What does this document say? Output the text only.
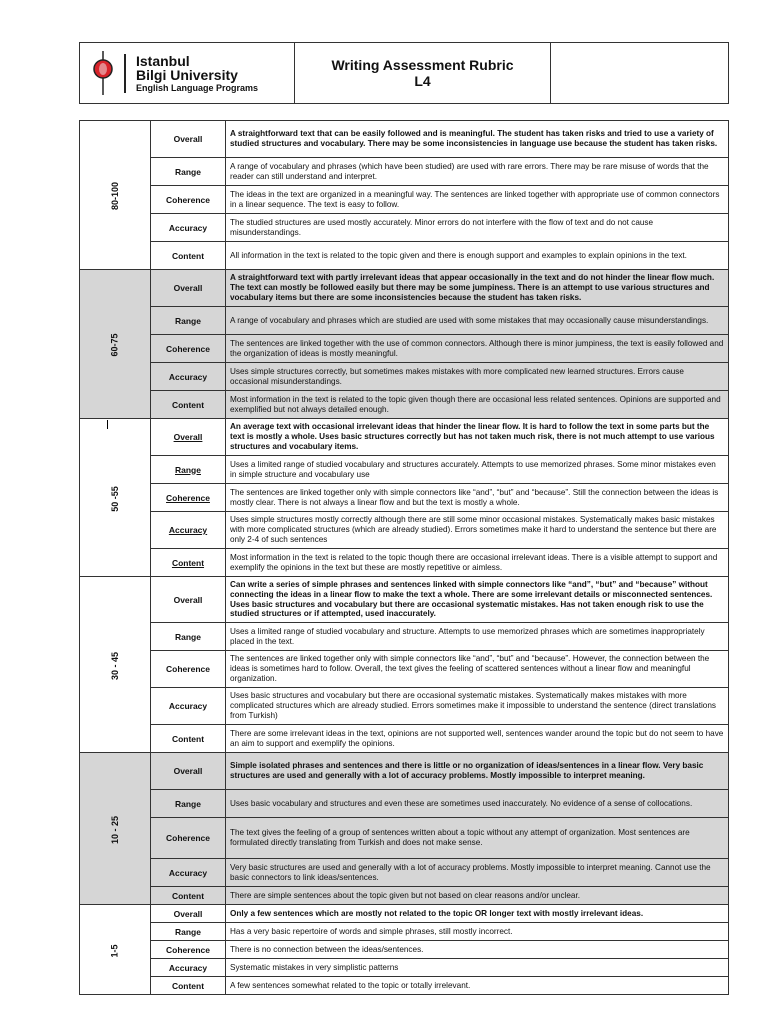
Istanbul
Bilgi University
English Language Programs
Writing Assessment Rubric
L4
80-100	Overall	A straightforward text that can be easily followed and is meaningful. The student has taken risks and tried to use a variety of studied structures and vocabulary. There may be some inconsistencies in language use because the student has taken risks.
	Range	A range of vocabulary and phrases (which have been studied) are used with rare errors. There may be rare misuse of words that the reader can still understand and interpret.
	Coherence	The ideas in the text are organized in a meaningful way. The sentences are linked together with appropriate use of common connectors in a linear sequence. The text is easy to follow.
	Accuracy	The studied structures are used mostly accurately. Minor errors do not interfere with the flow of text and do not cause misunderstandings.
	Content	All information in the text is related to the topic given and there is enough support and examples to explain opinions in the text.
60-75	Overall	A straightforward text with partly irrelevant ideas that appear occasionally in the text and do not hinder the linear flow much. The text can mostly be followed easily but there may be some jumpiness. There is an attempt to use various structures and vocabulary items but there are some inconsistencies because the student has taken risks.
	Range	A range of vocabulary and phrases which are studied are used with some mistakes that may occasionally cause misunderstandings.
	Coherence	The sentences are linked together with the use of common connectors. Although there is minor jumpiness, the text is easily followed and the organization of ideas is mostly meaningful.
	Accuracy	Uses simple structures correctly, but sometimes makes mistakes with more complicated new learned structures. Errors cause occasional misunderstandings.
	Content	Most information in the text is related to the topic given though there are occasional less related sentences. Opinions are supported and exemplified but not always detailed enough.
50 -55	Overall	An average text with occasional irrelevant ideas that hinder the linear flow. It is hard to follow the text in some parts but the text is mostly a whole. Uses basic structures correctly but has not taken much risk, there is not much attempt to use various structures and vocabulary items.
	Range	Uses a limited range of studied vocabulary and structures accurately. Attempts to use memorized phrases. Some minor mistakes even in simple structure and vocabulary use
	Coherence	The sentences are linked together only with simple connectors like “and”, “but” and “because”. Still the connection between the ideas is mostly clear. There is not always a linear flow and but the text is mostly a whole.
	Accuracy	Uses simple structures mostly correctly although there are still some minor occasional mistakes. Systematically makes basic mistakes with more complicated structures (which are already studied). Errors sometimes make it hard to understand the sentence but there are only 2-4 of such sentences
	Content	Most information in the text is related to the topic though there are occasional irrelevant ideas. There is a visible attempt to support and exemplify the opinions in the text but these are mostly repetitive or aimless.
30 - 45	Overall	Can write a series of simple phrases and sentences linked with simple connectors like “and”, “but” and “because” without connecting the ideas in a linear flow to make the text a whole. There are some irrelevant details or misconnected sentences. Uses basic structures and vocabulary but there are occasional systematic mistakes. Has not taken enough risk to use the studied structures or if attempted, used inaccurately.
	Range	Uses a limited range of studied vocabulary and structure. Attempts to use memorized phrases which are sometimes inappropriately placed in the text.
	Coherence	The sentences are linked together only with simple connectors like “and”, “but” and “because”. However, the connection between the ideas is sometimes hard to follow. Overall, the text gives the feeling of scattered sentences without a linear flow and meaningful organization.
	Accuracy	Uses basic structures and vocabulary but there are occasional systematic mistakes. Systematically makes mistakes with more complicated structures which are already studied. Errors sometimes make it impossible to understand the sentence (direct translations from Turkish)
	Content	There are some irrelevant ideas in the text, opinions are not supported well, sentences wander around the topic but do not seem to have an aim to support and exemplify the opinions.
10 - 25	Overall	Simple isolated phrases and sentences and there is little or no organization of ideas/sentences in a linear flow. Very basic structures are used and generally with a lot of accuracy problems. Mostly impossible to interpret meaning.
	Range	Uses basic vocabulary and structures and even these are sometimes used inaccurately. No evidence of a sense of collocations.
	Coherence	The text gives the feeling of a group of sentences written about a topic without any attempt of organization. Most sentences are formulated directly translating from Turkish and does not make sense.
	Accuracy	Very basic structures are used and generally with a lot of accuracy problems. Mostly impossible to interpret meaning. Cannot use the basic connectors to link ideas/sentences.
	Content	There are simple sentences about the topic given but not based on clear reasons and/or unclear.
1-5	Overall	Only a few sentences which are mostly not related to the topic OR longer text with mostly irrelevant ideas.
	Range	Has a very basic repertoire of words and simple phrases, still mostly incorrect.
	Coherence	There is no connection between the ideas/sentences.
	Accuracy	Systematic mistakes in very simplistic patterns
	Content	A few sentences somewhat related to the topic or totally irrelevant.
